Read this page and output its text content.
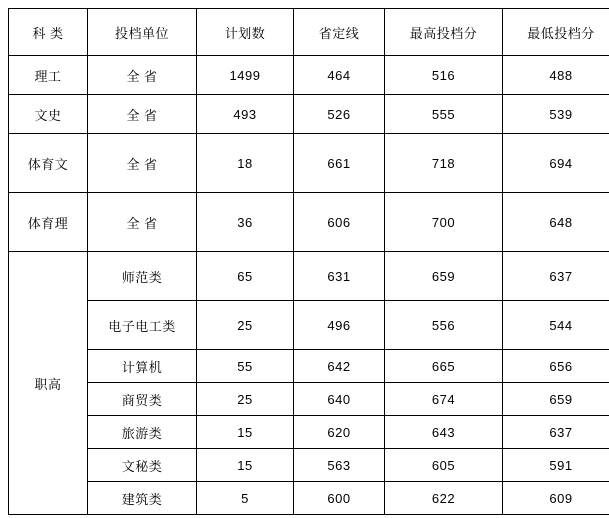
科 类	投档单位	计划数	省定线	最高投档分	最低投档分
理工	全 省	1499	464	516	488
文史	全 省	493	526	555	539
体育文	全 省	18	661	718	694
体育理	全 省	36	606	700	648
职高	师范类	65	631	659	637
	电子电工类	25	496	556	544
	计算机	55	642	665	656
	商贸类	25	640	674	659
	旅游类	15	620	643	637
	文秘类	15	563	605	591
	建筑类	5	600	622	609
